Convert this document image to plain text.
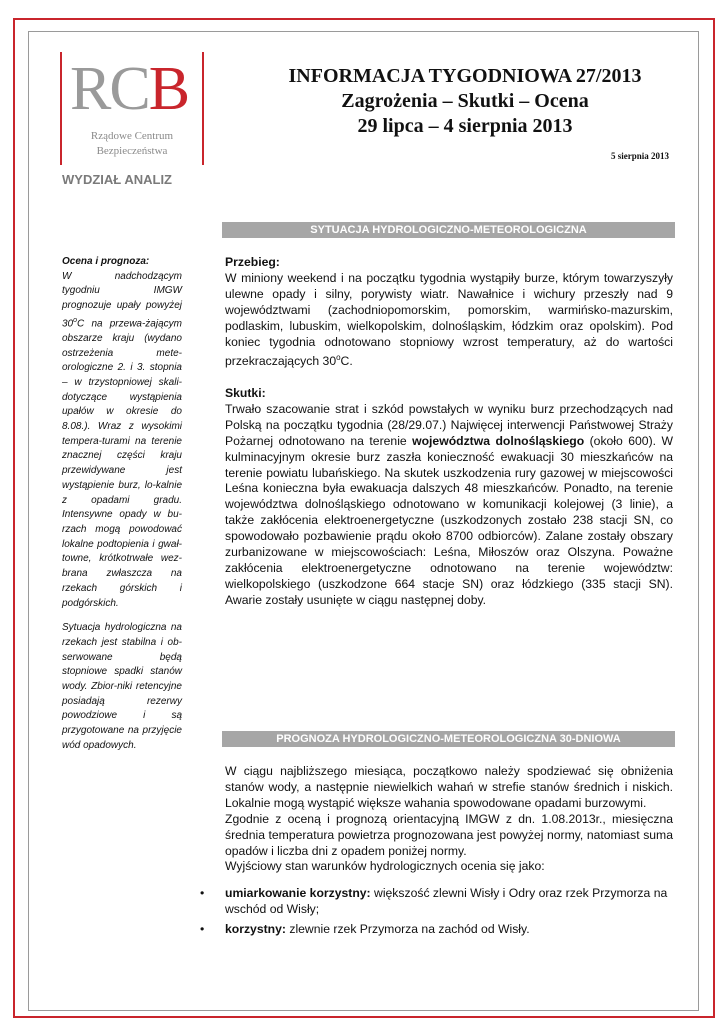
RCB
Rządowe Centrum
Bezpieczeństwa
WYDZIAŁ ANALIZ
INFORMACJA TYGODNIOWA 27/2013
Zagrożenia – Skutki – Ocena
29 lipca – 4 sierpnia 2013
5 sierpnia 2013
SYTUACJA HYDROLOGICZNO-METEOROLOGICZNA

Ocena i prognoza:
W nadchodzącym tygodniu IMGW prognozuje upały powyżej 30$^o$C na przewa-żającym obszarze kraju (wydano ostrzeżenia mete-orologiczne 2. i 3. stopnia – w trzystopniowej skali-dotyczące wystąpienia upałów w okresie do 8.08.). Wraz z wysokimi tempera-turami na terenie znacznej części kraju przewidywane jest wystąpienie burz, lo-kalnie z opadami gradu. Intensywne opady w bu-rzach mogą powodować lokalne podtopienia i gwał-towne, krótkotrwałe wez-brana zwłaszcza na rzekach górskich i podgórskich.

Sytuacja hydrologiczna na rzekach jest stabilna i ob-serwowane będą stopniowe spadki stanów wody. Zbior-niki retencyjne posiadają rezerwy powodziowe i są przygotowane na przyjęcie wód opadowych.

Przebieg:

W miniony weekend i na początku tygodnia wystąpiły burze, którym towarzyszyły ulewne opady i silny, porywisty wiatr. Nawałnice i wichury przeszły nad 9 województwami (zachodniopomorskim, pomorskim, warmińsko-mazurskim, podlaskim, lubuskim, wielkopolskim, dolnośląskim, łódzkim oraz opolskim). Pod koniec tygodnia odnotowano stopniowy wzrost temperatury, aż do wartości przekraczających 30$^o$C.

Skutki:

Trwało szacowanie strat i szkód powstałych w wyniku burz przechodzących nad Polską na początku tygodnia (28/29.07.) Najwięcej interwencji Państwowej Straży Pożarnej odnotowano na terenie województwa dolnośląskiego (około 600). W kulminacyjnym okresie burz zaszła konieczność ewakuacji 30 mieszkańców na terenie powiatu lubańskiego. Na skutek uszkodzenia rury gazowej w miejscowości Leśna konieczna była ewakuacja dalszych 48 mieszkańców. Ponadto, na terenie województwa dolnośląskiego odnotowano w komunikacji kolejowej (3 linie), a także zakłócenia elektroenergetyczne (uszkodzonych zostało 238 stacji SN, co spowodowało pozbawienie prądu około 8700 odbiorców). Zalane zostały obszary zurbanizowane w miejscowościach: Leśna, Miłoszów oraz Olszyna. Poważne zakłócenia elektroenergetyczne odnotowano na terenie województw: wielkopolskiego (uszkodzone 664 stacje SN) oraz łódzkiego (335 stacji SN). Awarie zostały usunięte w ciągu następnej doby.

PROGNOZA HYDROLOGICZNO-METEOROLOGICZNA 30-DNIOWA

W ciągu najbliższego miesiąca, początkowo należy spodziewać się obniżenia stanów wody, a następnie niewielkich wahań w strefie stanów średnich i niskich. Lokalnie mogą wystąpić większe wahania spowodowane opadami burzowymi.

Zgodnie z oceną i prognozą orientacyjną IMGW z dn. 1.08.2013r., miesięczna średnia temperatura powietrza prognozowana jest powyżej normy, natomiast suma opadów i liczba dni z opadem poniżej normy.

Wyjściowy stan warunków hydrologicznych ocenia się jako:

• umiarkowanie korzystny: większość zlewni Wisły i Odry oraz rzek Przymorza na wschód od Wisły;
• korzystny: zlewnie rzek Przymorza na zachód od Wisły.
